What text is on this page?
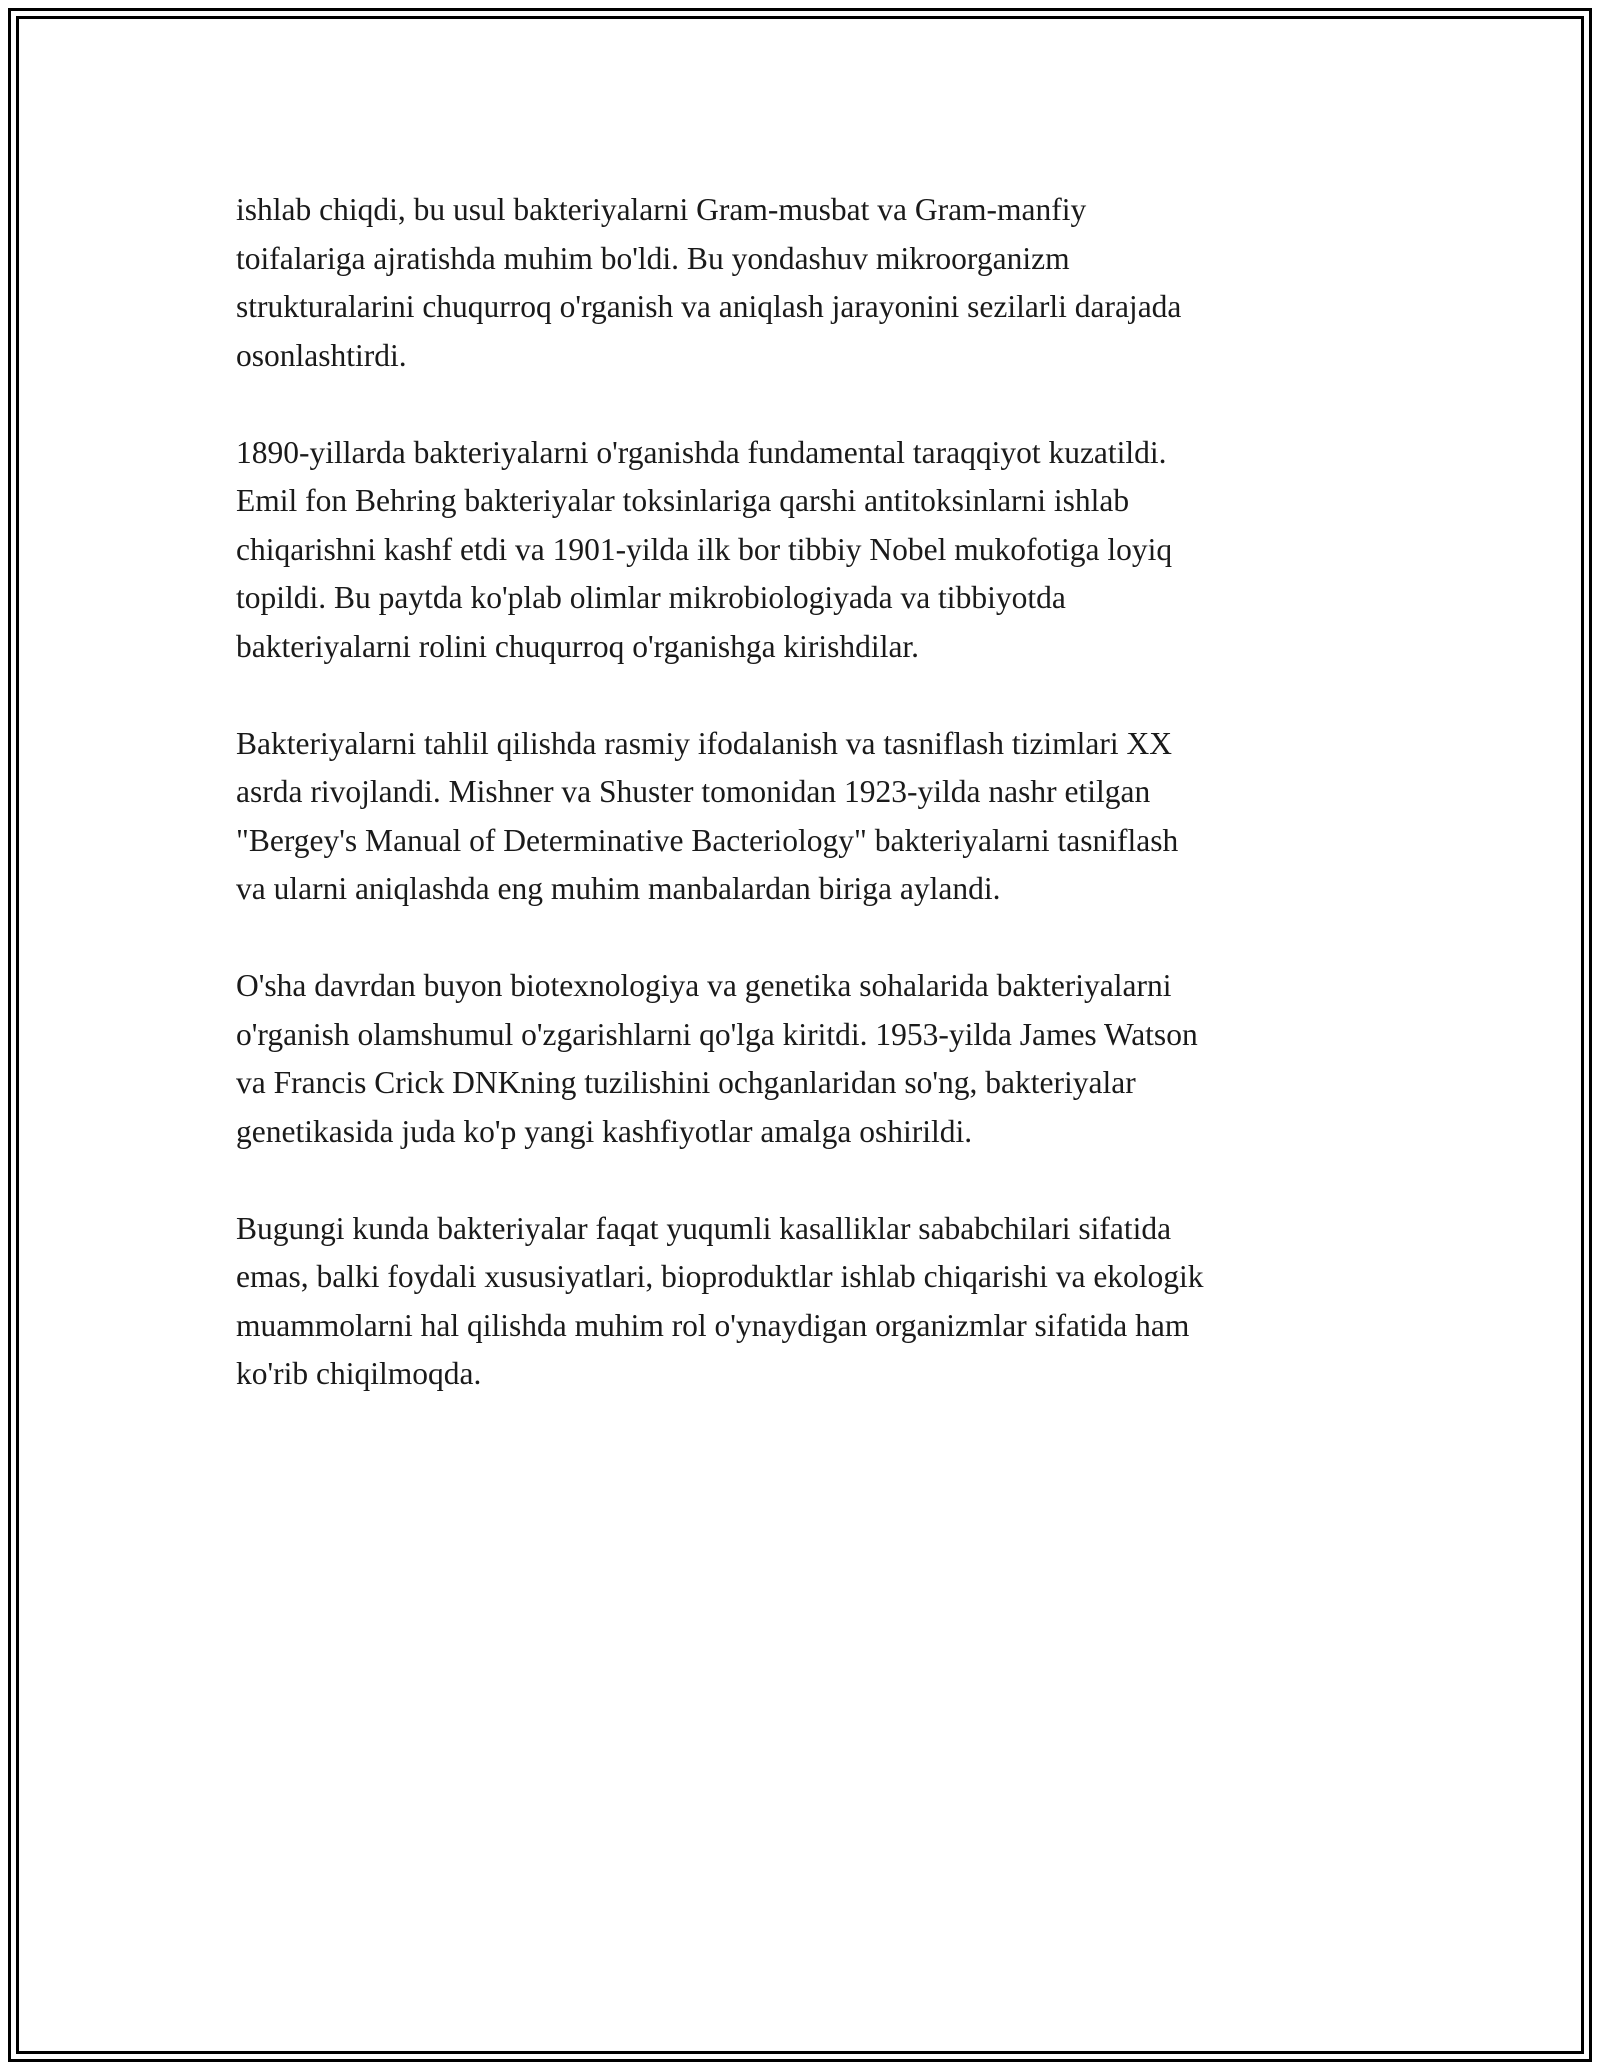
ishlab chiqdi, bu usul bakteriyalarni Gram-musbat va Gram-manfiy
toifalariga ajratishda muhim bo'ldi. Bu yondashuv mikroorganizm
strukturalarini chuqurroq o'rganish va aniqlash jarayonini sezilarli darajada
osonlashtirdi.

1890-yillarda bakteriyalarni o'rganishda fundamental taraqqiyot kuzatildi.
Emil fon Behring bakteriyalar toksinlariga qarshi antitoksinlarni ishlab
chiqarishni kashf etdi va 1901-yilda ilk bor tibbiy Nobel mukofotiga loyiq
topildi. Bu paytda ko'plab olimlar mikrobiologiyada va tibbiyotda
bakteriyalarni rolini chuqurroq o'rganishga kirishdilar.

Bakteriyalarni tahlil qilishda rasmiy ifodalanish va tasniflash tizimlari XX
asrda rivojlandi. Mishner va Shuster tomonidan 1923-yilda nashr etilgan
"Bergey's Manual of Determinative Bacteriology" bakteriyalarni tasniflash
va ularni aniqlashda eng muhim manbalardan biriga aylandi.

O'sha davrdan buyon biotexnologiya va genetika sohalarida bakteriyalarni
o'rganish olamshumul o'zgarishlarni qo'lga kiritdi. 1953-yilda James Watson
va Francis Crick DNKning tuzilishini ochganlaridan so'ng, bakteriyalar
genetikasida juda ko'p yangi kashfiyotlar amalga oshirildi.

Bugungi kunda bakteriyalar faqat yuqumli kasalliklar sababchilari sifatida
emas, balki foydali xususiyatlari, bioproduktlar ishlab chiqarishi va ekologik
muammolarni hal qilishda muhim rol o'ynaydigan organizmlar sifatida ham
ko'rib chiqilmoqda.
